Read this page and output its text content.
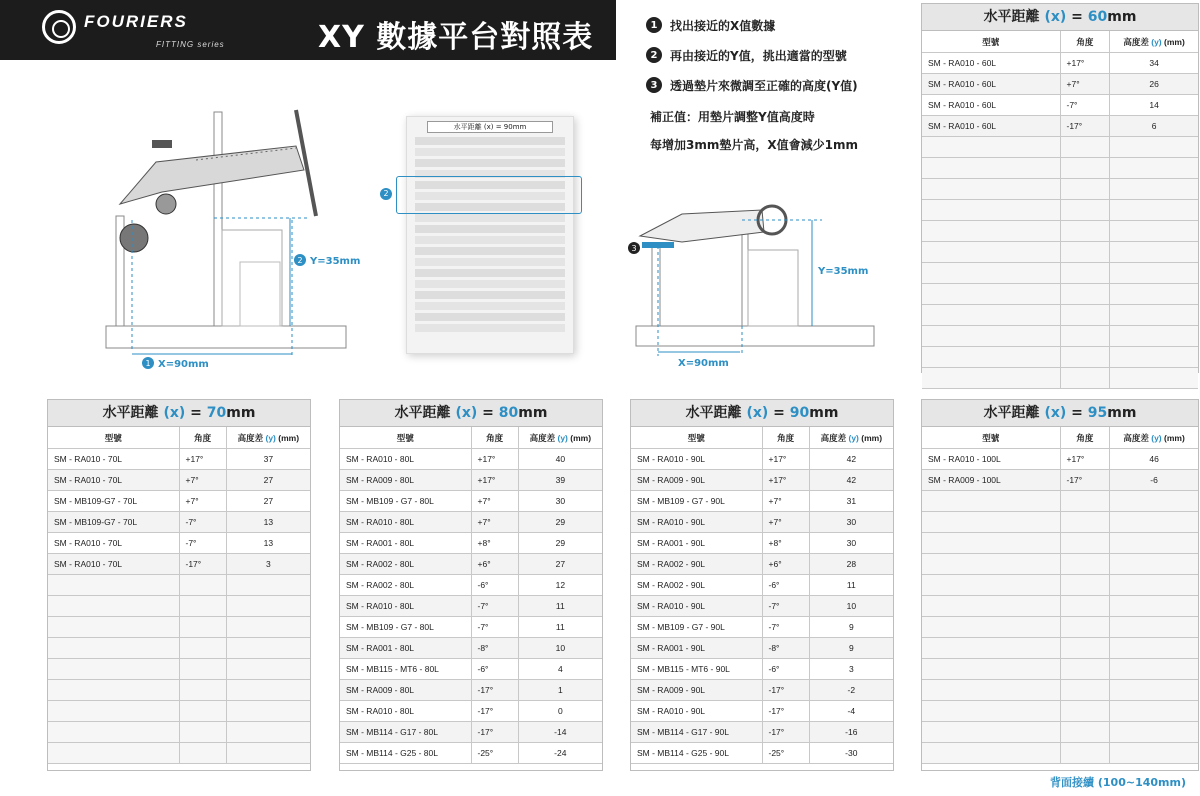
FOURIERS
FITTING series	XY 數據平台對照表	1	找出接近的X值數據
2	再由接近的Y值，挑出適當的型號
3	透過墊片來微調至正確的高度(Y值)
補正值：用墊片調整Y值高度時
每增加3mm墊片高，X值會減少1mm
2 Y=35mm
1 X=90mm
水平距離 (x) = 90mm
2
Y=35mm
X=90mm
3
水平距離 (x) = 60mm
型號	角度	高度差 (y) (mm)
SM - RA010 - 60L	+17°	34
SM - RA010 - 60L	+7°	26
SM - RA010 - 60L	-7°	14
SM - RA010 - 60L	-17°	6

水平距離 (x) = 70mm
型號	角度	高度差 (y) (mm)
SM - RA010 - 70L	+17°	37
SM - RA010 - 70L	+7°	27
SM - MB109-G7 - 70L	+7°	27
SM - MB109-G7 - 70L	-7°	13
SM - RA010 - 70L	-7°	13
SM - RA010 - 70L	-17°	3

水平距離 (x) = 80mm
型號	角度	高度差 (y) (mm)
SM - RA010 - 80L	+17°	40
SM - RA009 - 80L	+17°	39
SM - MB109 - G7 - 80L	+7°	30
SM - RA010 - 80L	+7°	29
SM - RA001 - 80L	+8°	29
SM - RA002 - 80L	+6°	27
SM - RA002 - 80L	-6°	12
SM - RA010 - 80L	-7°	11
SM - MB109 - G7 - 80L	-7°	11
SM - RA001 - 80L	-8°	10
SM - MB115 - MT6 - 80L	-6°	4
SM - RA009 - 80L	-17°	1
SM - RA010 - 80L	-17°	0
SM - MB114 - G17 - 80L	-17°	-14
SM - MB114 - G25 - 80L	-25°	-24
水平距離 (x) = 90mm
型號	角度	高度差 (y) (mm)
SM - RA010 - 90L	+17°	42
SM - RA009 - 90L	+17°	42
SM - MB109 - G7 - 90L	+7°	31
SM - RA010 - 90L	+7°	30
SM - RA001 - 90L	+8°	30
SM - RA002 - 90L	+6°	28
SM - RA002 - 90L	-6°	11
SM - RA010 - 90L	-7°	10
SM - MB109 - G7 - 90L	-7°	9
SM - RA001 - 90L	-8°	9
SM - MB115 - MT6 - 90L	-6°	3
SM - RA009 - 90L	-17°	-2
SM - RA010 - 90L	-17°	-4
SM - MB114 - G17 - 90L	-17°	-16
SM - MB114 - G25 - 90L	-25°	-30
水平距離 (x) = 95mm
型號	角度	高度差 (y) (mm)
SM - RA010 - 100L	+17°	46
SM - RA009 - 100L	-17°	-6

背面接續 (100~140mm)
